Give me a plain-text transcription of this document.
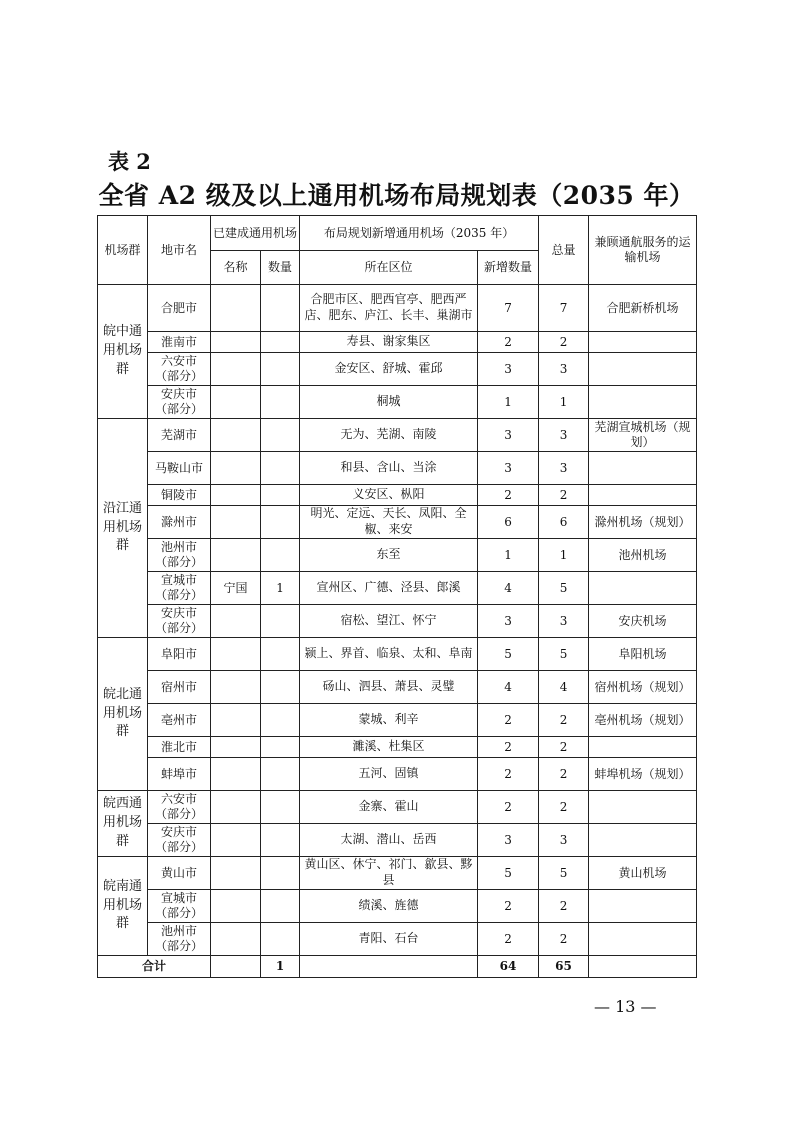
表 2
全省 A2 级及以上通用机场布局规划表（2035 年）
机场群	地市名	已建成通用机场		布局规划新增通用机场（2035 年）		总量	兼顾通航服务的运输机场
		名称	数量	所在区位	新增数量		
皖中通用机场群	合肥市			合肥市区、肥西官亭、肥西严店、肥东、庐江、长丰、巢湖市	7	7	合肥新桥机场
	淮南市			寿县、谢家集区	2	2	
	六安市（部分）			金安区、舒城、霍邱	3	3	
	安庆市（部分）			桐城	1	1	
沿江通用机场群	芜湖市			无为、芜湖、南陵	3	3	芜湖宣城机场（规划）
	马鞍山市			和县、含山、当涂	3	3	
	铜陵市			义安区、枞阳	2	2	
	滁州市			明光、定远、天长、凤阳、全椒、来安	6	6	滁州机场（规划）
	池州市（部分）			东至	1	1	池州机场
	宣城市（部分）	宁国	1	宣州区、广德、泾县、郎溪	4	5	
	安庆市（部分）			宿松、望江、怀宁	3	3	安庆机场
皖北通用机场群	阜阳市			颍上、界首、临泉、太和、阜南	5	5	阜阳机场
	宿州市			砀山、泗县、萧县、灵璧	4	4	宿州机场（规划）
	亳州市			蒙城、利辛	2	2	亳州机场（规划）
	淮北市			濉溪、杜集区	2	2	
	蚌埠市			五河、固镇	2	2	蚌埠机场（规划）
皖西通用机场群	六安市（部分）			金寨、霍山	2	2	
	安庆市（部分）			太湖、潜山、岳西	3	3	
皖南通用机场群	黄山市			黄山区、休宁、祁门、歙县、黟县	5	5	黄山机场
	宣城市（部分）			绩溪、旌德	2	2	
	池州市（部分）			青阳、石台	2	2	
合计			1		64	65	
— 13 —
